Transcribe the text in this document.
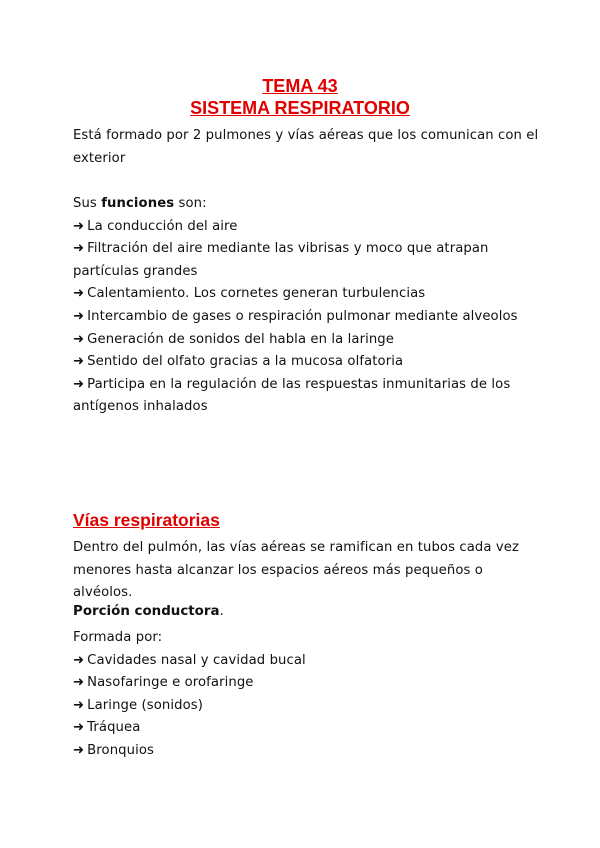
TEMA 43
SISTEMA RESPIRATORIO
Está formado por 2 pulmones y vías aéreas que los comunican con el exterior
Sus funciones son:
➜ La conducción del aire
➜ Filtración del aire mediante las vibrisas y moco que atrapan partículas grandes
➜ Calentamiento. Los cornetes generan turbulencias
➜ Intercambio de gases o respiración pulmonar mediante alveolos
➜ Generación de sonidos del habla en la laringe
➜ Sentido del olfato gracias a la mucosa olfatoria
➜ Participa en la regulación de las respuestas inmunitarias de los antígenos inhalados
Vías respiratorias
Dentro del pulmón, las vías aéreas se ramifican en tubos cada vez menores hasta alcanzar los espacios aéreos más pequeños o alvéolos.
Porción conductora.
Formada por:
➜ Cavidades nasal y cavidad bucal
➜ Nasofaringe e orofaringe
➜ Laringe (sonidos)
➜ Tráquea
➜ Bronquios
